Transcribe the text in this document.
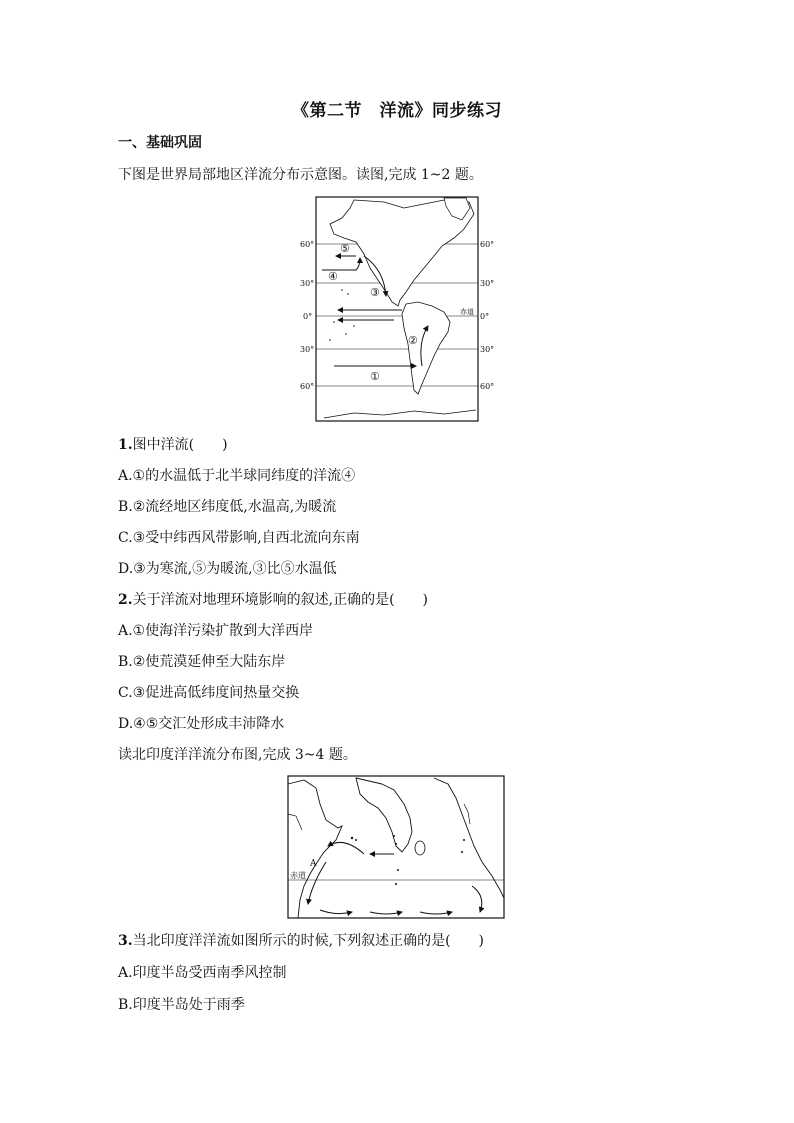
《第二节　洋流》同步练习
一、基础巩固
下图是世界局部地区洋流分布示意图。读图,完成 1~2 题。
60°
30°
0°
30°
60°
60°
30°
0°
30°
60°
赤道
⑤
④
③
②
①
1.图中洋流(　　)
A.①的水温低于北半球同纬度的洋流④
B.②流经地区纬度低,水温高,为暖流
C.③受中纬西风带影响,自西北流向东南
D.③为寒流,⑤为暖流,③比⑤水温低
2.关于洋流对地理环境影响的叙述,正确的是(　　)
A.①使海洋污染扩散到大洋西岸
B.②使荒漠延伸至大陆东岸
C.③促进高低纬度间热量交换
D.④⑤交汇处形成丰沛降水
读北印度洋洋流分布图,完成 3~4 题。
赤道
A
3.当北印度洋洋流如图所示的时候,下列叙述正确的是(　　)
A.印度半岛受西南季风控制
B.印度半岛处于雨季
